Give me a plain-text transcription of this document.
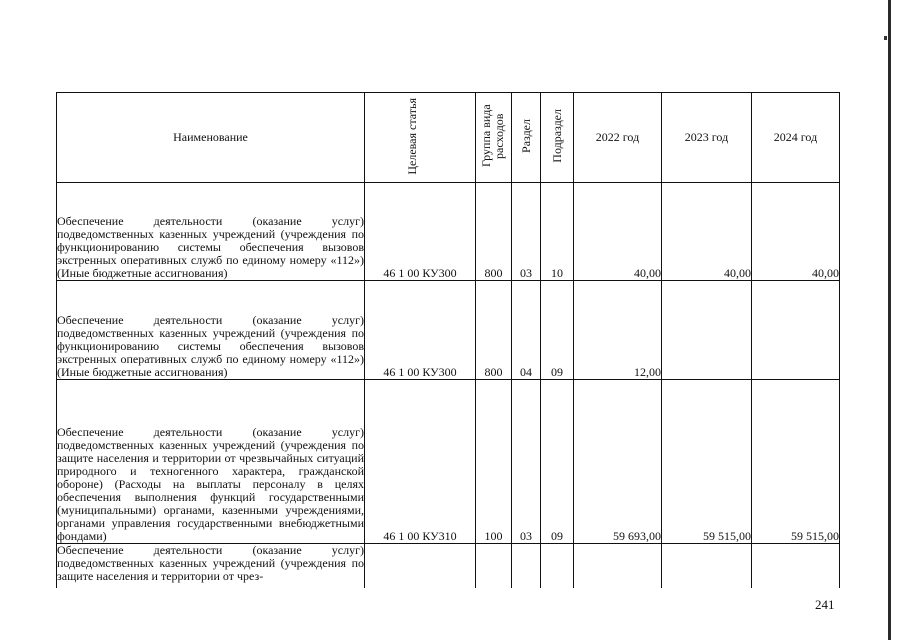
Наименование	Целевая статья	Группа вида расходов	Раздел	Подраздел	2022 год	2023 год	2024 год
Обеспечение деятельности (оказание услуг) подведомственных казенных учреждений (учреждения по функционированию системы обеспечения вызовов экстренных оперативных служб по единому номеру «112») (Иные бюджетные ассигнования)	46 1 00 КУ300	800	03	10	40,00	40,00	40,00
Обеспечение деятельности (оказание услуг) подведомственных казенных учреждений (учреждения по функционированию системы обеспечения вызовов экстренных оперативных служб по единому номеру «112») (Иные бюджетные ассигнования)	46 1 00 КУ300	800	04	09	12,00		
Обеспечение деятельности (оказание услуг) подведомственных казенных учреждений (учреждения по защите населения и территории от чрезвычайных ситуаций природного и техногенного характера, гражданской обороне) (Расходы на выплаты персоналу в целях обеспечения выполнения функций государственными (муниципальными) органами, казенными учреждениями, органами управления государственными внебюджетными фондами)	46 1 00 КУ310	100	03	09	59 693,00	59 515,00	59 515,00
Обеспечение деятельности (оказание услуг) подведомственных казенных учреждений (учреждения по защите населения и территории от чрез-							
241
